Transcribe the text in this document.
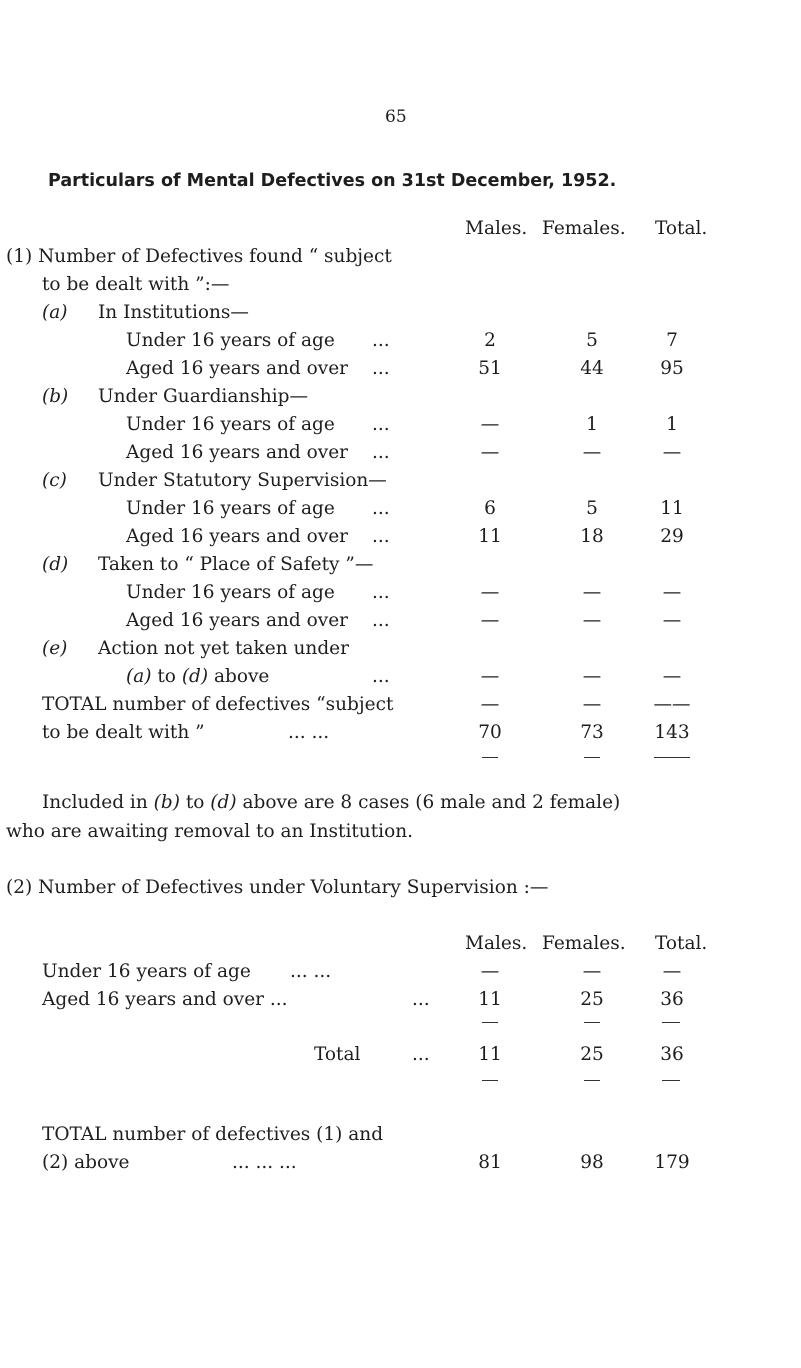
65
Particulars of Mental Defectives on 31st December, 1952.
Males. Females. Total.
(1) Number of Defectives found “ subject
to be dealt with ”:—
(a) In Institutions—
Under 16 years of age ...	2	5	7
Aged 16 years and over ...	51	44	95
(b) Under Guardianship—
Under 16 years of age ...	—	1	1
Aged 16 years and over ...	—	—	—
(c) Under Statutory Supervision—
Under 16 years of age ...	6	5	11
Aged 16 years and over ...	11	18	29
(d) Taken to “ Place of Safety ”—
Under 16 years of age ...	—	—	—
Aged 16 years and over ...	—	—	—
(e) Action not yet taken under
(a) to (d) above	...	—	—	—
TOTAL number of defectives “subject	—	—	——
to be dealt with ”	... ...	70	73	143
Included in (b) to (d) above are 8 cases (6 male and 2 female)
who are awaiting removal to an Institution.
(2) Number of Defectives under Voluntary Supervision :—
Males. Females. Total.
Under 16 years of age ... ...	—	—	—
Aged 16 years and over ...	...	11	25	36
Total	...	11	25	36
TOTAL number of defectives (1) and
(2) above	... ... ...	81	98	179
